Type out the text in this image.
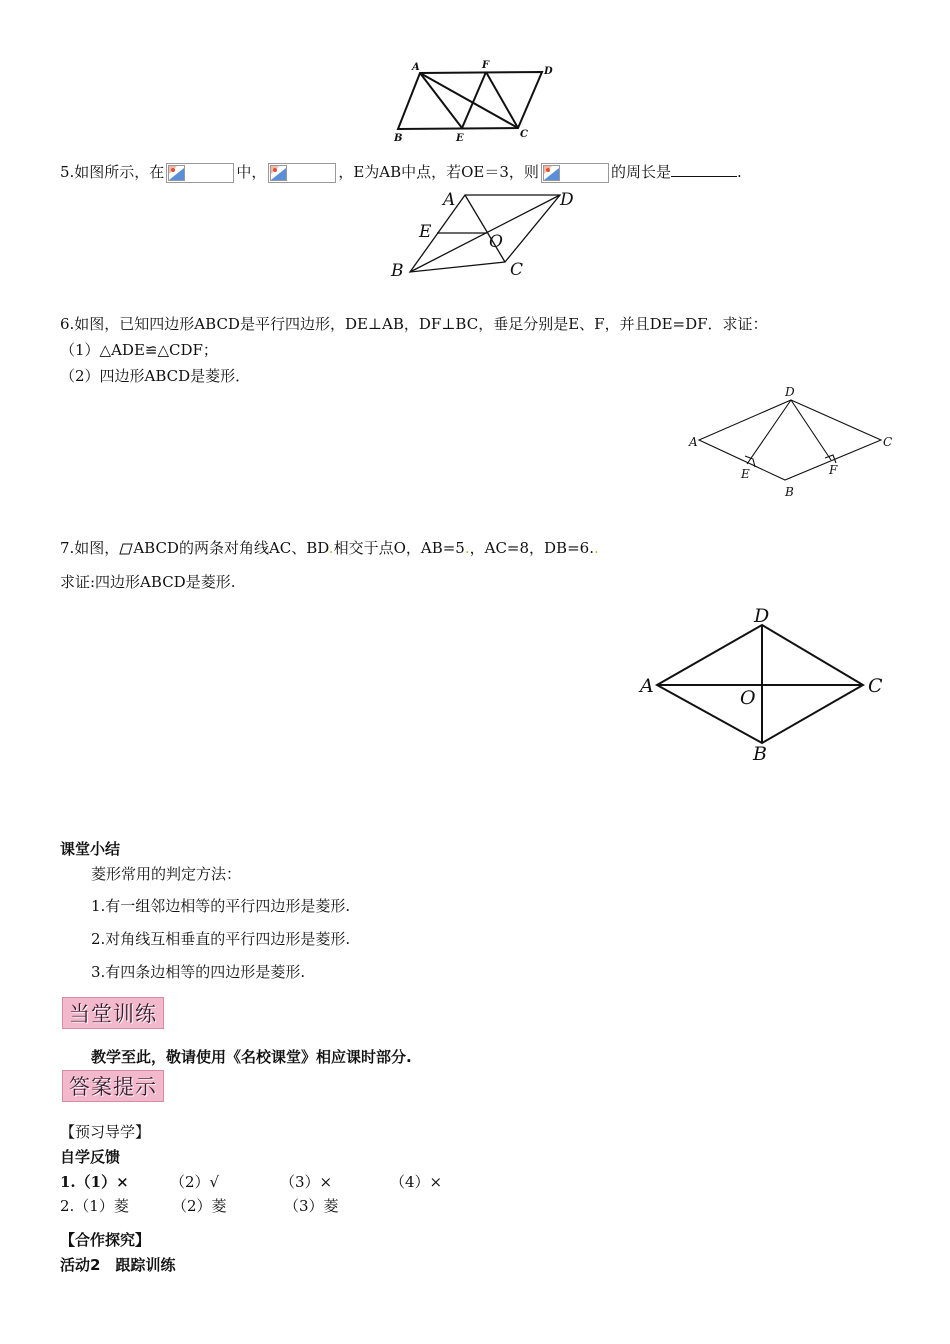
A	F
D
B	E	C
5.如图所示，在	中，	，E为AB中点，若OE＝3，则	的周长是	.
A	D
E	O
B	C
6.如图，已知四边形ABCD是平行四边形，DE⊥AB，DF⊥BC，垂足分别是E、F，并且DE=DF．求证：
（1）△ADE≌△CDF；
（2）四边形ABCD是菱形．
D
A	C
E	F
B
7.如图， ABCD的两条对角线AC、BD.相交于点O，AB=5.，AC=8，DB=6..
求证:四边形ABCD是菱形.
D
A	C
O
B
课堂小结
菱形常用的判定方法：
1.有一组邻边相等的平行四边形是菱形.
2.对角线互相垂直的平行四边形是菱形.
3.有四条边相等的四边形是菱形.
当堂训练
教学至此，敬请使用《名校课堂》相应课时部分.
答案提示
【预习导学】
自学反馈
1.（1）×	（2）√	（3）×	（4）×
2.（1）菱	（2）菱	（3）菱
【合作探究】
活动2　跟踪训练
